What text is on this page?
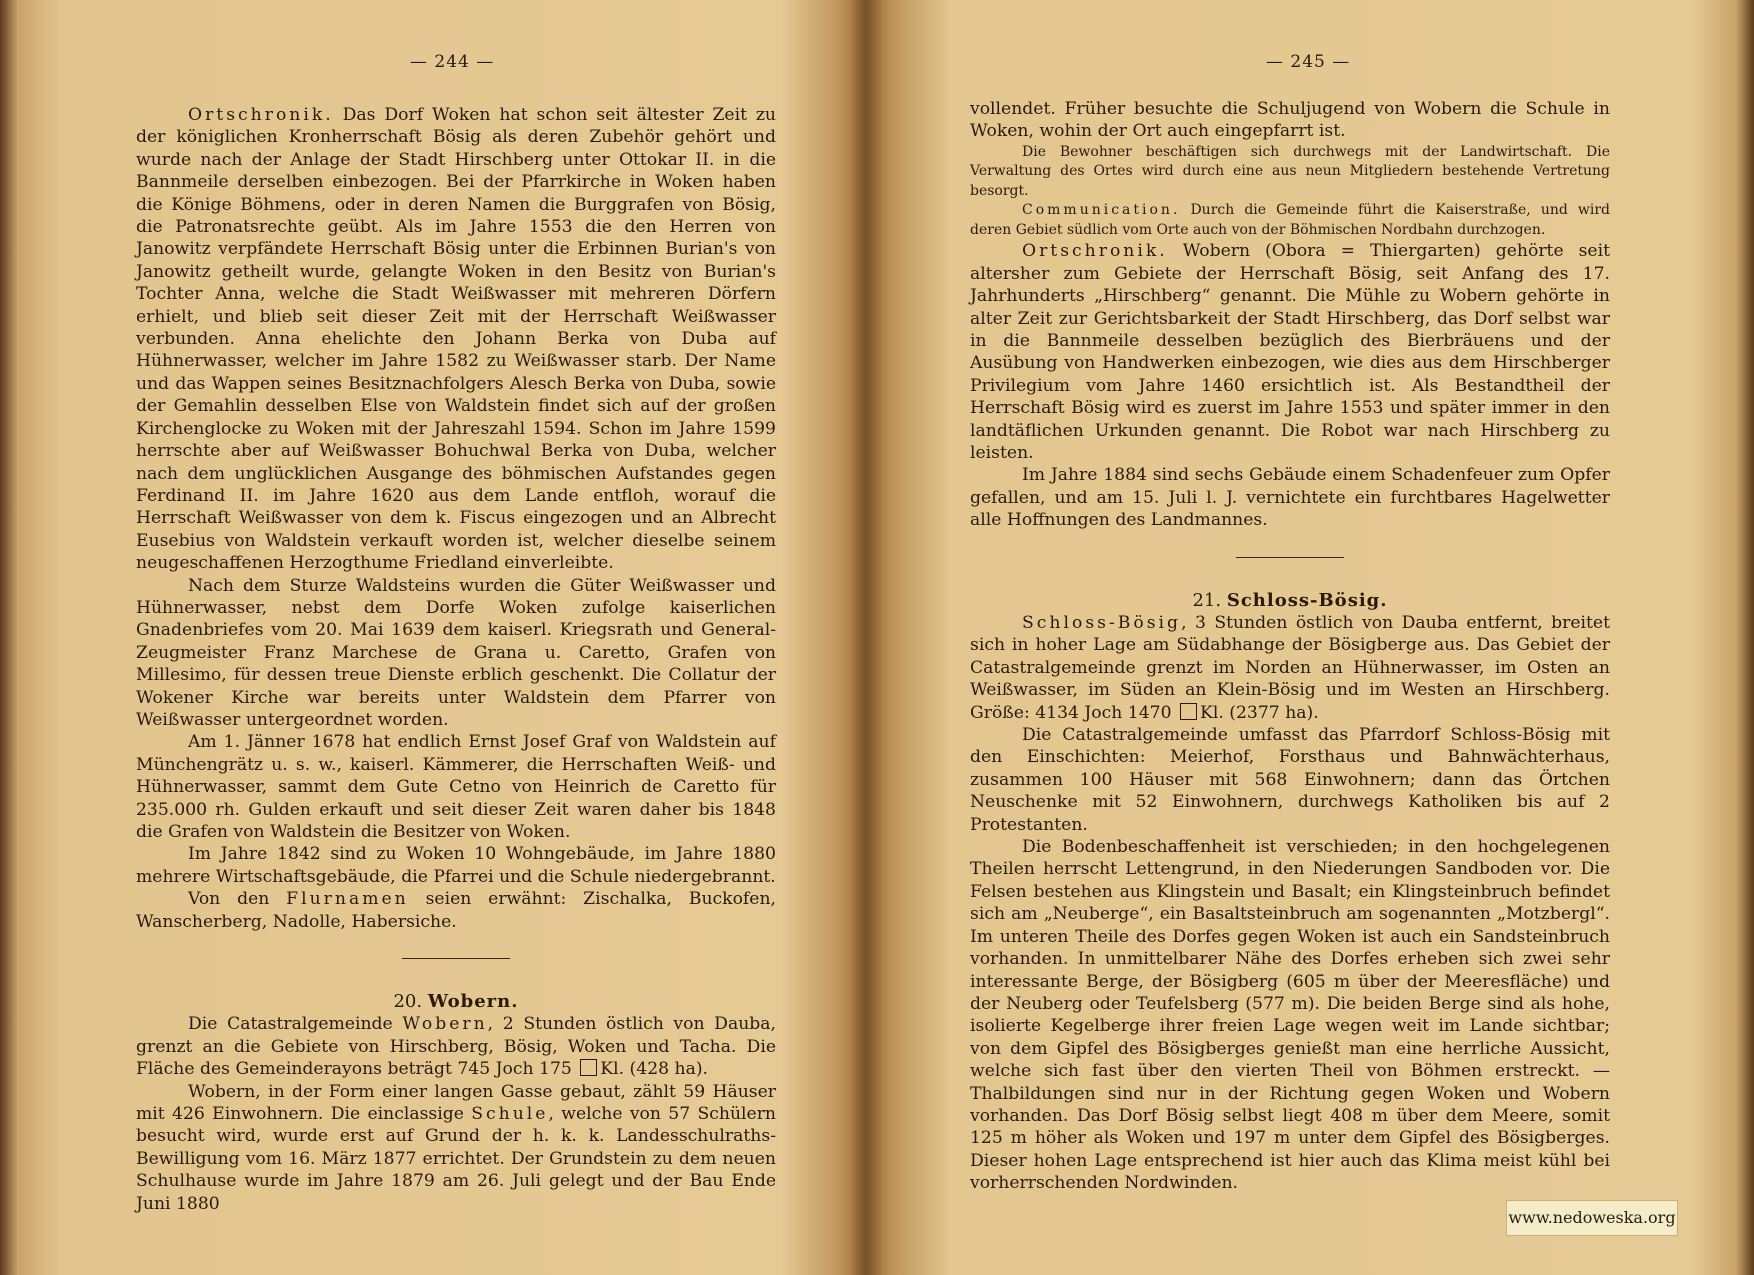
— 244 —

Ortschronik. Das Dorf Woken hat schon seit ältester Zeit zu der königlichen Kronherrschaft Bösig als deren Zubehör gehört und wurde nach der Anlage der Stadt Hirschberg unter Ottokar II. in die Bannmeile derselben einbezogen. Bei der Pfarrkirche in Woken haben die Könige Böhmens, oder in deren Namen die Burggrafen von Bösig, die Patronatsrechte geübt. Als im Jahre 1553 die den Herren von Janowitz verpfändete Herrschaft Bösig unter die Erbinnen Burian's von Janowitz getheilt wurde, gelangte Woken in den Besitz von Burian's Tochter Anna, welche die Stadt Weißwasser mit mehreren Dörfern erhielt, und blieb seit dieser Zeit mit der Herrschaft Weißwasser verbunden. Anna ehelichte den Johann Berka von Duba auf Hühnerwasser, welcher im Jahre 1582 zu Weißwasser starb. Der Name und das Wappen seines Besitznachfolgers Alesch Berka von Duba, sowie der Gemahlin desselben Else von Waldstein findet sich auf der großen Kirchenglocke zu Woken mit der Jahreszahl 1594. Schon im Jahre 1599 herrschte aber auf Weißwasser Bohuchwal Berka von Duba, welcher nach dem unglücklichen Ausgange des böhmischen Aufstandes gegen Ferdinand II. im Jahre 1620 aus dem Lande entfloh, worauf die Herrschaft Weißwasser von dem k. Fiscus eingezogen und an Albrecht Eusebius von Waldstein verkauft worden ist, welcher dieselbe seinem neugeschaffenen Herzogthume Friedland einverleibte.

Nach dem Sturze Waldsteins wurden die Güter Weißwasser und Hühnerwasser, nebst dem Dorfe Woken zufolge kaiserlichen Gnadenbriefes vom 20. Mai 1639 dem kaiserl. Kriegsrath und General-Zeugmeister Franz Marchese de Grana u. Caretto, Grafen von Millesimo, für dessen treue Dienste erblich geschenkt. Die Collatur der Wokener Kirche war bereits unter Waldstein dem Pfarrer von Weißwasser untergeordnet worden.

Am 1. Jänner 1678 hat endlich Ernst Josef Graf von Waldstein auf Münchengrätz u. s. w., kaiserl. Kämmerer, die Herrschaften Weiß- und Hühnerwasser, sammt dem Gute Cetno von Heinrich de Caretto für 235.000 rh. Gulden erkauft und seit dieser Zeit waren daher bis 1848 die Grafen von Waldstein die Besitzer von Woken.

Im Jahre 1842 sind zu Woken 10 Wohngebäude, im Jahre 1880 mehrere Wirtschaftsgebäude, die Pfarrei und die Schule niedergebrannt.

Von den Flurnamen seien erwähnt: Zischalka, Buckofen, Wanscherberg, Nadolle, Habersiche.

20. Wobern.

Die Catastralgemeinde Wobern, 2 Stunden östlich von Dauba, grenzt an die Gebiete von Hirschberg, Bösig, Woken und Tacha. Die Fläche des Gemeinderayons beträgt 745 Joch 175 Kl. (428 ha).

Wobern, in der Form einer langen Gasse gebaut, zählt 59 Häuser mit 426 Einwohnern. Die einclassige Schule, welche von 57 Schülern besucht wird, wurde erst auf Grund der h. k. k. Landesschulraths-Bewilligung vom 16. März 1877 errichtet. Der Grundstein zu dem neuen Schulhause wurde im Jahre 1879 am 26. Juli gelegt und der Bau Ende Juni 1880

— 245 —

vollendet. Früher besuchte die Schuljugend von Wobern die Schule in Woken, wohin der Ort auch eingepfarrt ist.

Die Bewohner beschäftigen sich durchwegs mit der Landwirtschaft. Die Verwaltung des Ortes wird durch eine aus neun Mitgliedern bestehende Vertretung besorgt.

Communication. Durch die Gemeinde führt die Kaiserstraße, und wird deren Gebiet südlich vom Orte auch von der Böhmischen Nordbahn durchzogen.

Ortschronik. Wobern (Obora = Thiergarten) gehörte seit altersher zum Gebiete der Herrschaft Bösig, seit Anfang des 17. Jahrhunderts „Hirschberg“ genannt. Die Mühle zu Wobern gehörte in alter Zeit zur Gerichtsbarkeit der Stadt Hirschberg, das Dorf selbst war in die Bannmeile desselben bezüglich des Bierbräuens und der Ausübung von Handwerken einbezogen, wie dies aus dem Hirschberger Privilegium vom Jahre 1460 ersichtlich ist. Als Bestandtheil der Herrschaft Bösig wird es zuerst im Jahre 1553 und später immer in den landtäflichen Urkunden genannt. Die Robot war nach Hirschberg zu leisten.

Im Jahre 1884 sind sechs Gebäude einem Schadenfeuer zum Opfer gefallen, und am 15. Juli l. J. vernichtete ein furchtbares Hagelwetter alle Hoffnungen des Landmannes.

21. Schloss-Bösig.

Schloss-Bösig, 3 Stunden östlich von Dauba entfernt, breitet sich in hoher Lage am Südabhange der Bösigberge aus. Das Gebiet der Catastralgemeinde grenzt im Norden an Hühnerwasser, im Osten an Weißwasser, im Süden an Klein-Bösig und im Westen an Hirschberg. Größe: 4134 Joch 1470 Kl. (2377 ha).

Die Catastralgemeinde umfasst das Pfarrdorf Schloss-Bösig mit den Einschichten: Meierhof, Forsthaus und Bahnwächterhaus, zusammen 100 Häuser mit 568 Einwohnern; dann das Örtchen Neuschenke mit 52 Einwohnern, durchwegs Katholiken bis auf 2 Protestanten.

Die Bodenbeschaffenheit ist verschieden; in den hochgelegenen Theilen herrscht Lettengrund, in den Niederungen Sandboden vor. Die Felsen bestehen aus Klingstein und Basalt; ein Klingsteinbruch befindet sich am „Neuberge“, ein Basaltsteinbruch am sogenannten „Motzbergl“. Im unteren Theile des Dorfes gegen Woken ist auch ein Sandsteinbruch vorhanden. In unmittelbarer Nähe des Dorfes erheben sich zwei sehr interessante Berge, der Bösigberg (605 m über der Meeresfläche) und der Neuberg oder Teufelsberg (577 m). Die beiden Berge sind als hohe, isolierte Kegelberge ihrer freien Lage wegen weit im Lande sichtbar; von dem Gipfel des Bösigberges genießt man eine herrliche Aussicht, welche sich fast über den vierten Theil von Böhmen erstreckt. — Thalbildungen sind nur in der Richtung gegen Woken und Wobern vorhanden. Das Dorf Bösig selbst liegt 408 m über dem Meere, somit 125 m höher als Woken und 197 m unter dem Gipfel des Bösigberges. Dieser hohen Lage entsprechend ist hier auch das Klima meist kühl bei vorherrschenden Nordwinden.

www.nedoweska.org
